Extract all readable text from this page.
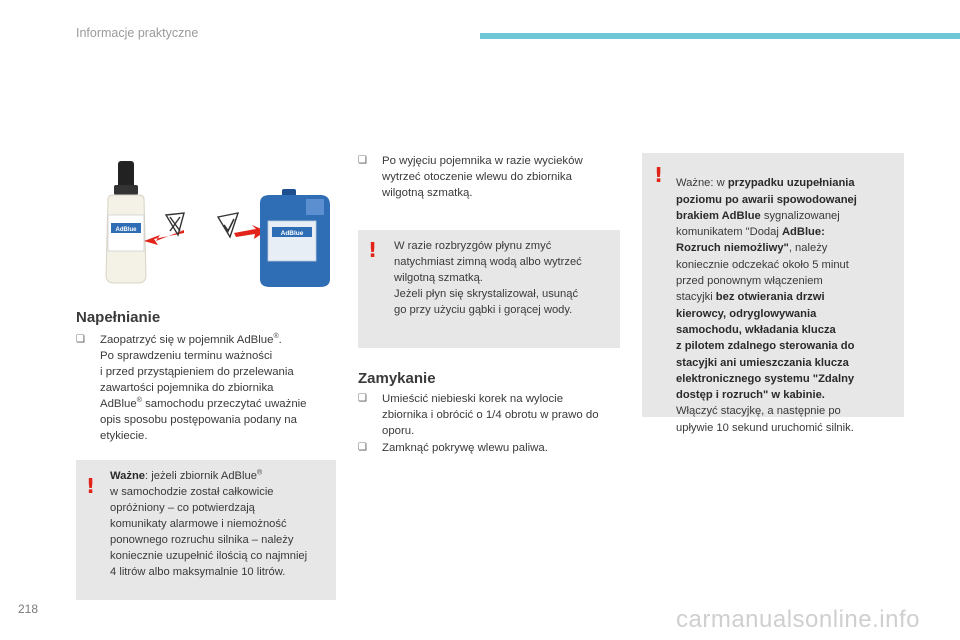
Informacje praktyczne
AdBlue	AdBlue
Napełnianie
❏ Zaopatrzyć się w pojemnik AdBlue®.
Po sprawdzeniu terminu ważności
i przed przystąpieniem do przelewania
zawartości pojemnika do zbiornika
AdBlue® samochodu przeczytać uważnie
opis sposobu postępowania podany na
etykiecie.
! Ważne: jeżeli zbiornik AdBlue®
w samochodzie został całkowicie
opróżniony – co potwierdzają
komunikaty alarmowe i niemożność
ponownego rozruchu silnika – należy
koniecznie uzupełnić ilością co najmniej
4 litrów albo maksymalnie 10 litrów.
❏ Po wyjęciu pojemnika w razie wycieków
wytrzeć otoczenie wlewu do zbiornika
wilgotną szmatką.
! W razie rozbryzgów płynu zmyć
natychmiast zimną wodą albo wytrzeć
wilgotną szmatką.
Jeżeli płyn się skrystalizował, usunąć
go przy użyciu gąbki i gorącej wody.
Zamykanie
❏ Umieścić niebieski korek na wylocie
zbiornika i obrócić o 1/4 obrotu w prawo do
oporu.
❏ Zamknąć pokrywę wlewu paliwa.
! Ważne: w przypadku uzupełniania
poziomu po awarii spowodowanej
brakiem AdBlue sygnalizowanej
komunikatem "Dodaj AdBlue:
Rozruch niemożliwy", należy
koniecznie odczekać około 5 minut
przed ponownym włączeniem
stacyjki bez otwierania drzwi
kierowcy, odryglowywania
samochodu, wkładania klucza
z pilotem zdalnego sterowania do
stacyjki ani umieszczania klucza
elektronicznego systemu "Zdalny
dostęp i rozruch" w kabinie.
Włączyć stacyjkę, a następnie po
upływie 10 sekund uruchomić silnik.

218	carmanualsonline.info
